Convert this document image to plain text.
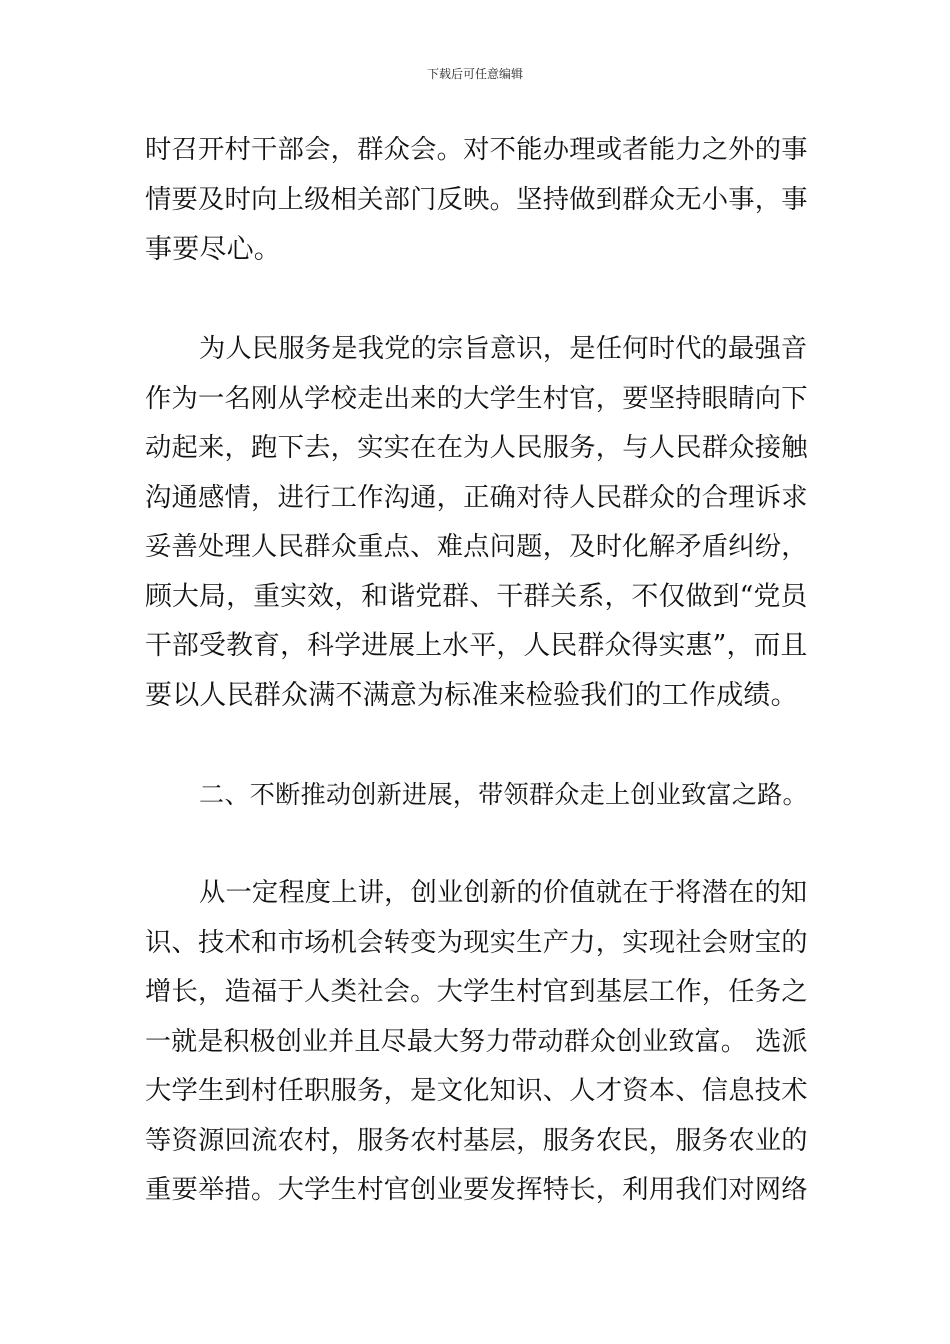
下载后可任意编辑
时召开村干部会，群众会。对不能办理或者能力之外的事
情要及时向上级相关部门反映。坚持做到群众无小事，事
事要尽心。
为人民服务是我党的宗旨意识，是任何时代的最强音
作为一名刚从学校走出来的大学生村官，要坚持眼睛向下
动起来，跑下去，实实在在为人民服务，与人民群众接触
沟通感情，进行工作沟通，正确对待人民群众的合理诉求
妥善处理人民群众重点、难点问题，及时化解矛盾纠纷，
顾大局，重实效，和谐党群、干群关系，不仅做到“党员
干部受教育，科学进展上水平，人民群众得实惠”，而且
要以人民群众满不满意为标准来检验我们的工作成绩。
二、不断推动创新进展，带领群众走上创业致富之路。
从一定程度上讲，创业创新的价值就在于将潜在的知
识、技术和市场机会转变为现实生产力，实现社会财宝的
增长，造福于人类社会。大学生村官到基层工作，任务之
一就是积极创业并且尽最大努力带动群众创业致富。 选派
大学生到村任职服务，是文化知识、人才资本、信息技术
等资源回流农村，服务农村基层，服务农民，服务农业的
重要举措。大学生村官创业要发挥特长，利用我们对网络
